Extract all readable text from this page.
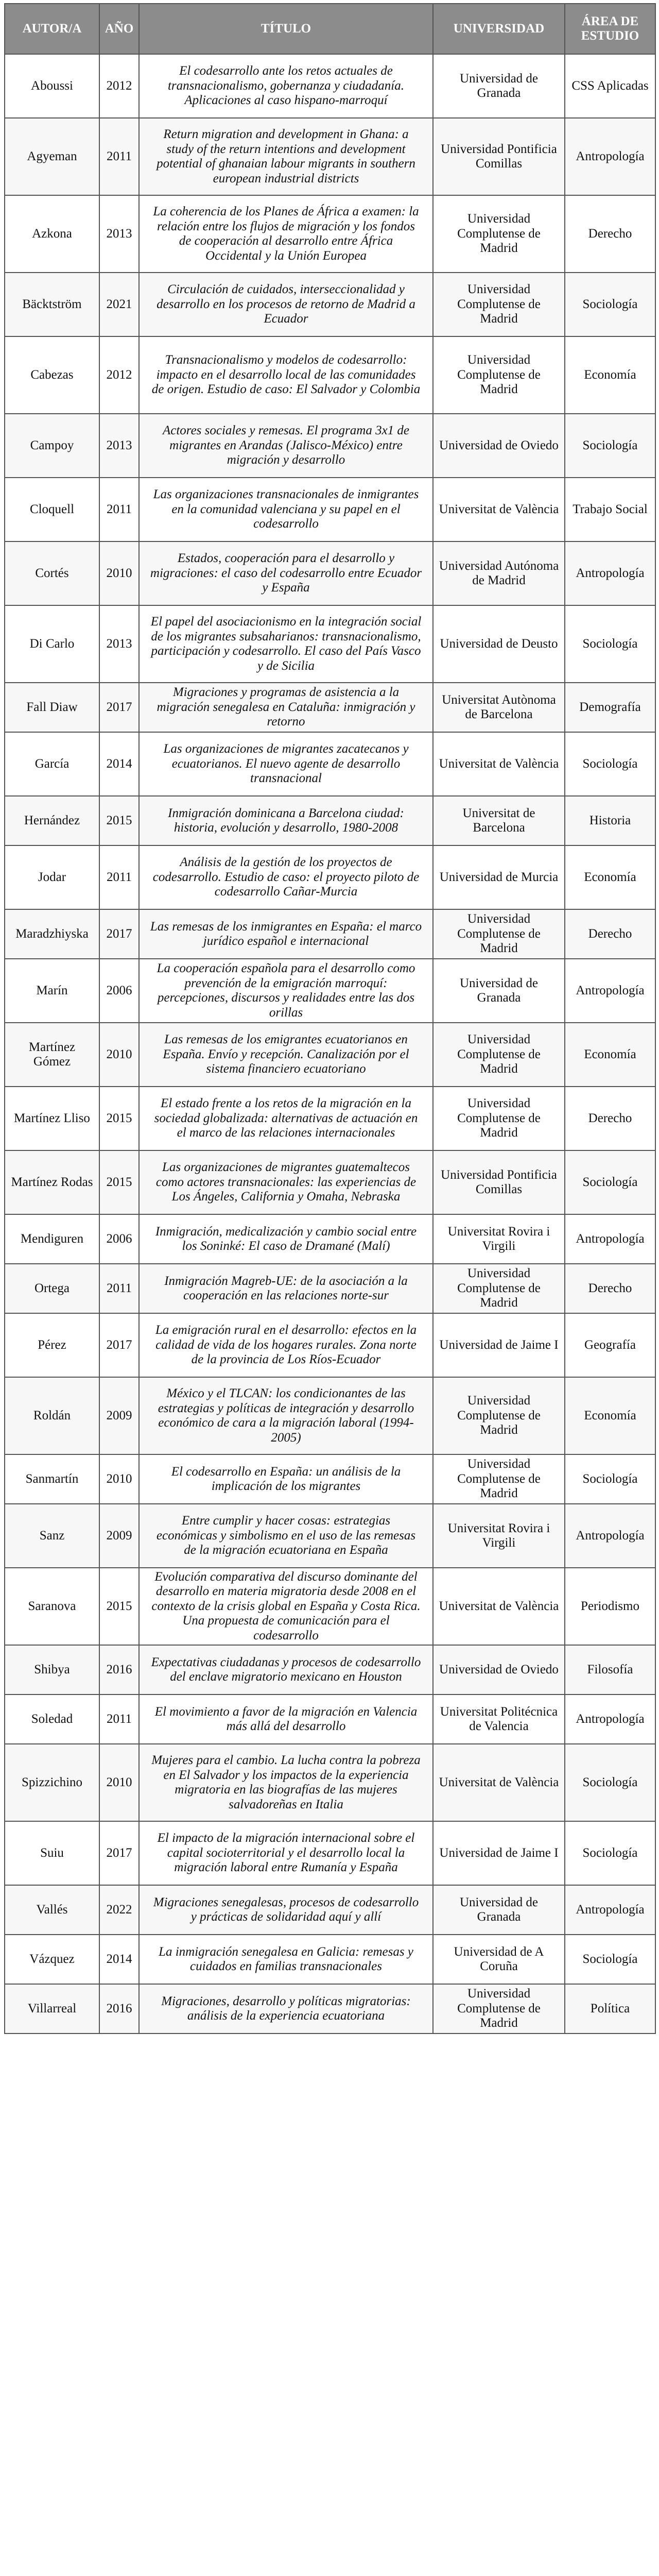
AUTOR/A	AÑO	TÍTULO	UNIVERSIDAD	ÁREA DE ESTUDIO
Aboussi	2012	El codesarrollo ante los retos actuales de transnacionalismo, gobernanza y ciudadanía. Aplicaciones al caso hispano-marroquí	Universidad de Granada	CSS Aplicadas
Agyeman	2011	Return migration and development in Ghana: a study of the return intentions and development potential of ghanaian labour migrants in southern european industrial districts	Universidad Pontificia Comillas	Antropología
Azkona	2013	La coherencia de los Planes de África a examen: la relación entre los flujos de migración y los fondos de cooperación al desarrollo entre África Occidental y la Unión Europea	Universidad Complutense de Madrid	Derecho
Bäcktström	2021	Circulación de cuidados, interseccionalidad y desarrollo en los procesos de retorno de Madrid a Ecuador	Universidad Complutense de Madrid	Sociología
Cabezas	2012	Transnacionalismo y modelos de codesarrollo: impacto en el desarrollo local de las comunidades de origen. Estudio de caso: El Salvador y Colombia	Universidad Complutense de Madrid	Economía
Campoy	2013	Actores sociales y remesas. El programa 3x1 de migrantes en Arandas (Jalisco-México) entre migración y desarrollo	Universidad de Oviedo	Sociología
Cloquell	2011	Las organizaciones transnacionales de inmigrantes en la comunidad valenciana y su papel en el codesarrollo	Universitat de València	Trabajo Social
Cortés	2010	Estados, cooperación para el desarrollo y migraciones: el caso del codesarrollo entre Ecuador y España	Universidad Autónoma de Madrid	Antropología
Di Carlo	2013	El papel del asociacionismo en la integración social de los migrantes subsaharianos: transnacionalismo, participación y codesarrollo. El caso del País Vasco y de Sicilia	Universidad de Deusto	Sociología
Fall Diaw	2017	Migraciones y programas de asistencia a la migración senegalesa en Cataluña: inmigración y retorno	Universitat Autònoma de Barcelona	Demografía
García	2014	Las organizaciones de migrantes zacatecanos y ecuatorianos. El nuevo agente de desarrollo transnacional	Universitat de València	Sociología
Hernández	2015	Inmigración dominicana a Barcelona ciudad: historia, evolución y desarrollo, 1980-2008	Universitat de Barcelona	Historia
Jodar	2011	Análisis de la gestión de los proyectos de codesarrollo. Estudio de caso: el proyecto piloto de codesarrollo Cañar-Murcia	Universidad de Murcia	Economía
Maradzhiyska	2017	Las remesas de los inmigrantes en España: el marco jurídico español e internacional	Universidad Complutense de Madrid	Derecho
Marín	2006	La cooperación española para el desarrollo como prevención de la emigración marroquí: percepciones, discursos y realidades entre las dos orillas	Universidad de Granada	Antropología
Martínez Gómez	2010	Las remesas de los emigrantes ecuatorianos en España. Envío y recepción. Canalización por el sistema financiero ecuatoriano	Universidad Complutense de Madrid	Economía
Martínez Lliso	2015	El estado frente a los retos de la migración en la sociedad globalizada: alternativas de actuación en el marco de las relaciones internacionales	Universidad Complutense de Madrid	Derecho
Martínez Rodas	2015	Las organizaciones de migrantes guatemaltecos como actores transnacionales: las experiencias de Los Ángeles, California y Omaha, Nebraska	Universidad Pontificia Comillas	Sociología
Mendiguren	2006	Inmigración, medicalización y cambio social entre los Soninké: El caso de Dramané (Malí)	Universitat Rovira i Virgili	Antropología
Ortega	2011	Inmigración Magreb-UE: de la asociación a la cooperación en las relaciones norte-sur	Universidad Complutense de Madrid	Derecho
Pérez	2017	La emigración rural en el desarrollo: efectos en la calidad de vida de los hogares rurales. Zona norte de la provincia de Los Ríos-Ecuador	Universidad de Jaime I	Geografía
Roldán	2009	México y el TLCAN: los condicionantes de las estrategias y políticas de integración y desarrollo económico de cara a la migración laboral (1994-2005)	Universidad Complutense de Madrid	Economía
Sanmartín	2010	El codesarrollo en España: un análisis de la implicación de los migrantes	Universidad Complutense de Madrid	Sociología
Sanz	2009	Entre cumplir y hacer cosas: estrategias económicas y simbolismo en el uso de las remesas de la migración ecuatoriana en España	Universitat Rovira i Virgili	Antropología
Saranova	2015	Evolución comparativa del discurso dominante del desarrollo en materia migratoria desde 2008 en el contexto de la crisis global en España y Costa Rica. Una propuesta de comunicación para el codesarrollo	Universitat de València	Periodismo
Shibya	2016	Expectativas ciudadanas y procesos de codesarrollo del enclave migratorio mexicano en Houston	Universidad de Oviedo	Filosofía
Soledad	2011	El movimiento a favor de la migración en Valencia más allá del desarrollo	Universitat Politécnica de Valencia	Antropología
Spizzichino	2010	Mujeres para el cambio. La lucha contra la pobreza en El Salvador y los impactos de la experiencia migratoria en las biografías de las mujeres salvadoreñas en Italia	Universitat de València	Sociología
Suiu	2017	El impacto de la migración internacional sobre el capital socioterritorial y el desarrollo local la migración laboral entre Rumanía y España	Universidad de Jaime I	Sociología
Vallés	2022	Migraciones senegalesas, procesos de codesarrollo y prácticas de solidaridad aquí y allí	Universidad de Granada	Antropología
Vázquez	2014	La inmigración senegalesa en Galicia: remesas y cuidados en familias transnacionales	Universidad de A Coruña	Sociología
Villarreal	2016	Migraciones, desarrollo y políticas migratorias: análisis de la experiencia ecuatoriana	Universidad Complutense de Madrid	Política
